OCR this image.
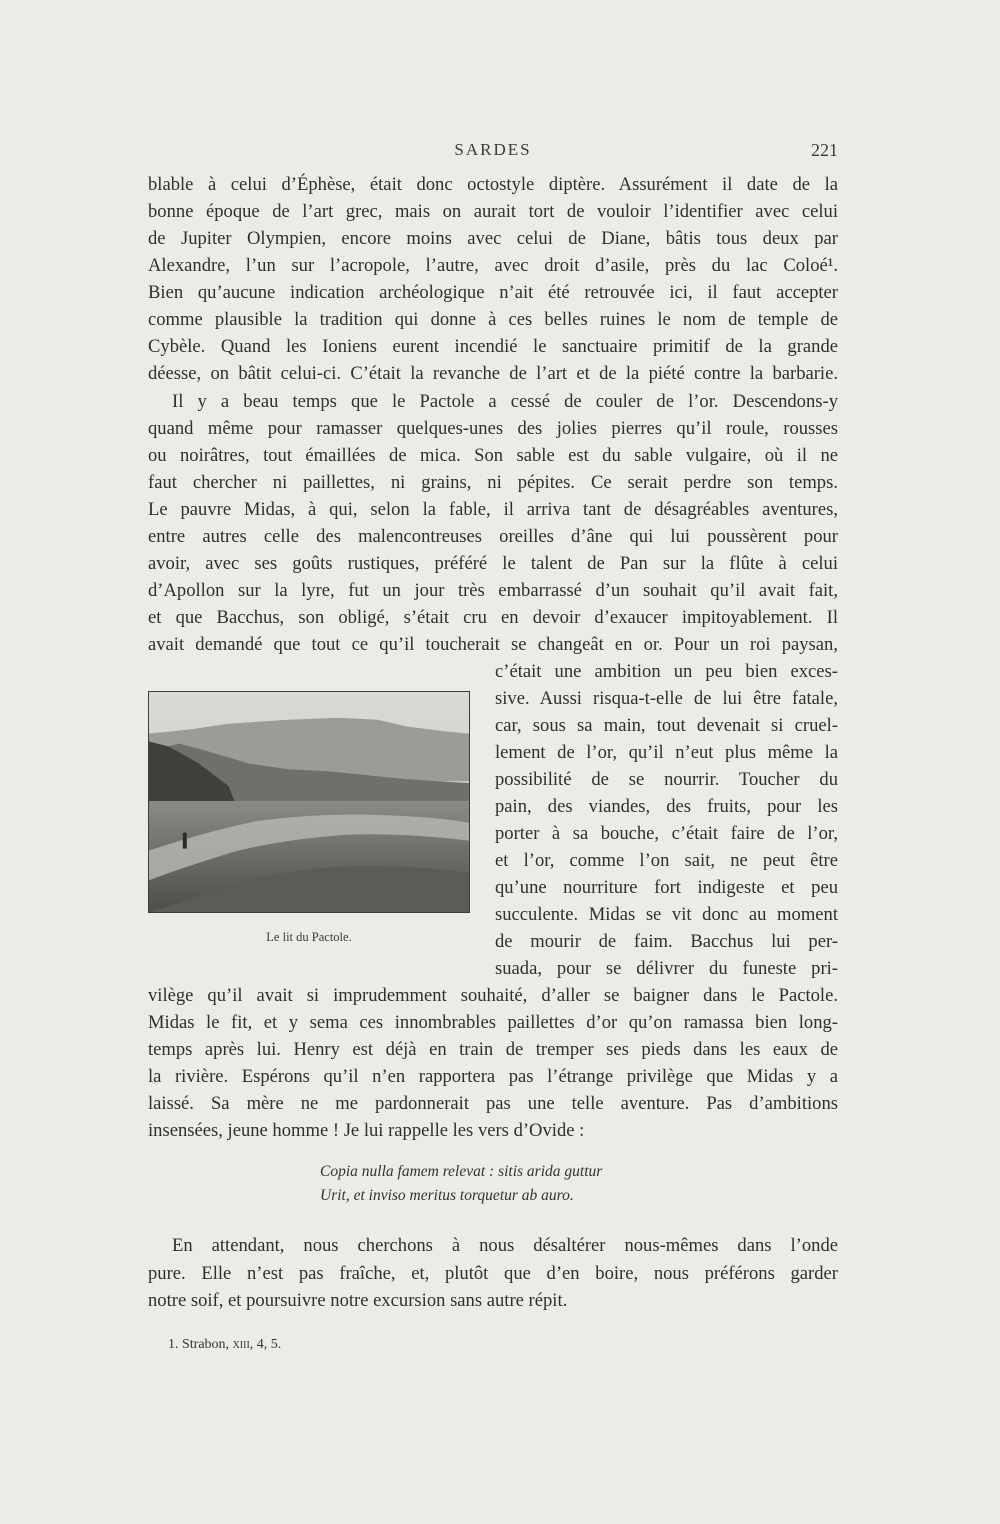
SARDES	221
blable à celui d’Éphèse, était donc octostyle diptère. Assurément il date de la
bonne époque de l’art grec, mais on aurait tort de vouloir l’identifier avec celui
de Jupiter Olympien, encore moins avec celui de Diane, bâtis tous deux par
Alexandre, l’un sur l’acropole, l’autre, avec droit d’asile, près du lac Coloé¹.
Bien qu’aucune indication archéologique n’ait été retrouvée ici, il faut accepter
comme plausible la tradition qui donne à ces belles ruines le nom de temple de
Cybèle. Quand les Ioniens eurent incendié le sanctuaire primitif de la grande
déesse, on bâtit celui-ci. C’était la revanche de l’art et de la piété contre la barbarie.
Il y a beau temps que le Pactole a cessé de couler de l’or. Descendons-y
quand même pour ramasser quelques-unes des jolies pierres qu’il roule, rousses
ou noirâtres, tout émaillées de mica. Son sable est du sable vulgaire, où il ne
faut chercher ni paillettes, ni grains, ni pépites. Ce serait perdre son temps.
Le pauvre Midas, à qui, selon la fable, il arriva tant de désagréables aventures,
entre autres celle des malencontreuses oreilles d’âne qui lui poussèrent pour
avoir, avec ses goûts rustiques, préféré le talent de Pan sur la flûte à celui
d’Apollon sur la lyre, fut un jour très embarrassé d’un souhait qu’il avait fait,
et que Bacchus, son obligé, s’était cru en devoir d’exaucer impitoyablement. Il
avait demandé que tout ce qu’il toucherait se changeât en or. Pour un roi paysan,
Le lit du Pactole.
c’était une ambition un peu bien exces-
sive. Aussi risqua-t-elle de lui être fatale,
car, sous sa main, tout devenait si cruel-
lement de l’or, qu’il n’eut plus même la
possibilité de se nourrir. Toucher du
pain, des viandes, des fruits, pour les
porter à sa bouche, c’était faire de l’or,
et l’or, comme l’on sait, ne peut être
qu’une nourriture fort indigeste et peu
succulente. Midas se vit donc au moment
de mourir de faim. Bacchus lui per-
suada, pour se délivrer du funeste pri-
vilège qu’il avait si imprudemment souhaité, d’aller se baigner dans le Pactole.
Midas le fit, et y sema ces innombrables paillettes d’or qu’on ramassa bien long-
temps après lui. Henry est déjà en train de tremper ses pieds dans les eaux de
la rivière. Espérons qu’il n’en rapportera pas l’étrange privilège que Midas y a
laissé. Sa mère ne me pardonnerait pas une telle aventure. Pas d’ambitions
insensées, jeune homme ! Je lui rappelle les vers d’Ovide :
Copia nulla famem relevat : sitis arida guttur
Urit, et inviso meritus torquetur ab auro.
En attendant, nous cherchons à nous désaltérer nous-mêmes dans l’onde
pure. Elle n’est pas fraîche, et, plutôt que d’en boire, nous préférons garder
notre soif, et poursuivre notre excursion sans autre répit.
1. Strabon, xiii, 4, 5.
